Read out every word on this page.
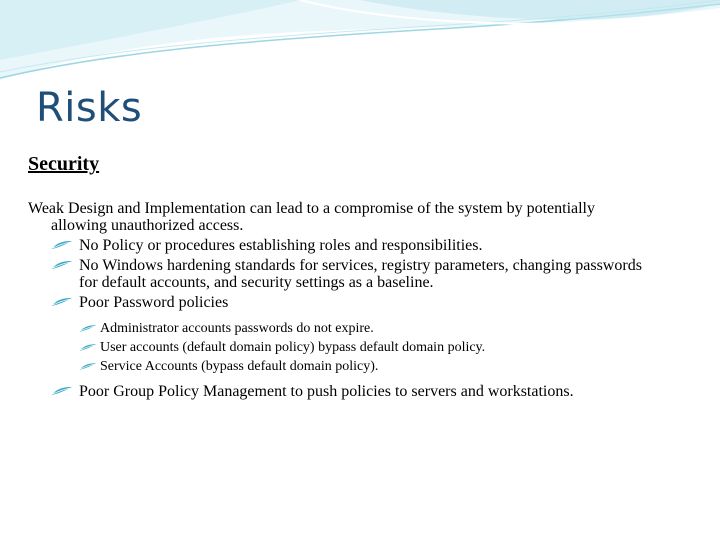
Risks
Security
Weak Design and Implementation can lead to a compromise of the system by potentially allowing unauthorized access.
No Policy or procedures establishing roles and responsibilities.
No Windows hardening standards for services, registry parameters, changing passwords for default accounts, and security settings as a baseline.
Poor Password policies
Administrator accounts passwords do not expire.
User accounts (default domain policy) bypass default domain policy.
Service Accounts (bypass default domain policy).
Poor Group Policy Management to push policies to servers and workstations.
